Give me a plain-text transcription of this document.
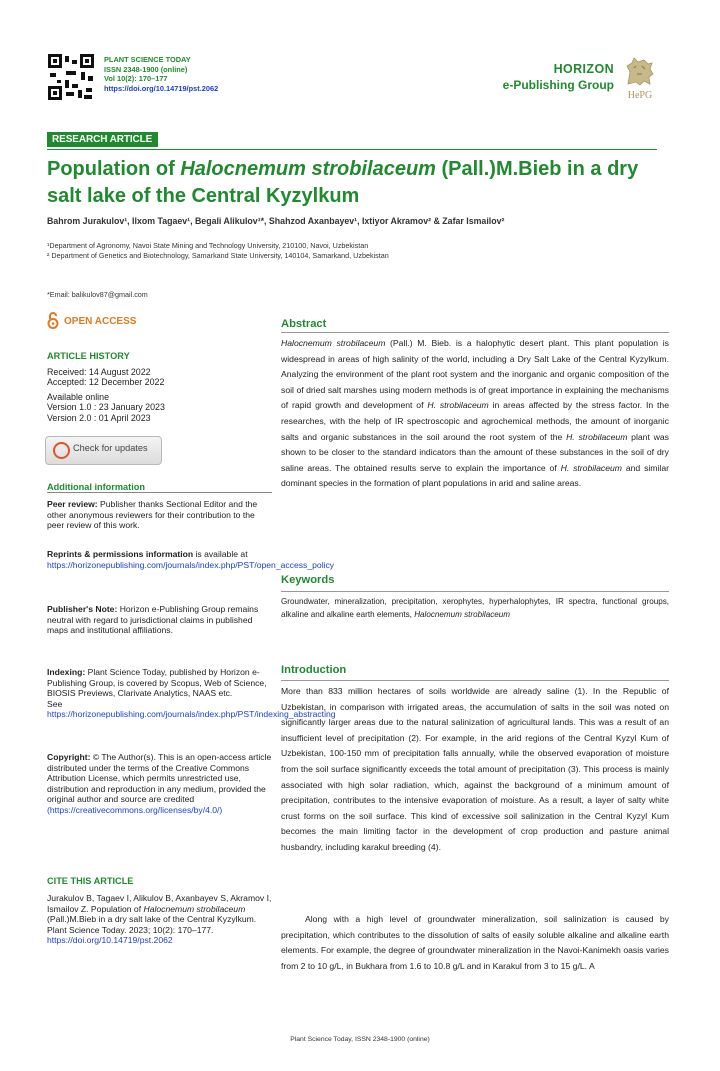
PLANT SCIENCE TODAY
ISSN 2348-1900 (online)
Vol 10(2): 170–177
https://doi.org/10.14719/pst.2062
HORIZON
e-Publishing Group
HePG
RESEARCH ARTICLE
Population of Halocnemum strobilaceum (Pall.)M.Bieb in a dry salt lake of the Central Kyzylkum
Bahrom Jurakulov¹, Ilxom Tagaev¹, Begali Alikulov¹*, Shahzod Axanbayev¹, Ixtiyor Akramov² & Zafar Ismailov²
¹Department of Agronomy, Navoi State Mining and Technology University, 210100, Navoi, Uzbekistan
² Department of Genetics and Biotechnology, Samarkand State University, 140104, Samarkand, Uzbekistan
*Email: balikulov87@gmail.com
OPEN ACCESS
ARTICLE HISTORY
Received: 14 August 2022
Accepted: 12 December 2022
Available online
Version 1.0 : 23 January 2023
Version 2.0 : 01 April 2023
Check for updates
Additional information
Peer review: Publisher thanks Sectional Editor and the other anonymous reviewers for their contribution to the peer review of this work.
Reprints & permissions information is available at https://horizonepublishing.com/journals/index.php/PST/open_access_policy
Publisher's Note: Horizon e-Publishing Group remains neutral with regard to jurisdictional claims in published maps and institutional affiliations.
Indexing: Plant Science Today, published by Horizon e-Publishing Group, is covered by Scopus, Web of Science, BIOSIS Previews, Clarivate Analytics, NAAS etc.
See https://horizonepublishing.com/journals/index.php/PST/indexing_abstracting
Copyright: © The Author(s). This is an open-access article distributed under the terms of the Creative Commons Attribution License, which permits unrestricted use, distribution and reproduction in any medium, provided the original author and source are credited (https://creativecommons.org/licenses/by/4.0/)
CITE THIS ARTICLE
Jurakulov B, Tagaev I, Alikulov B, Axanbayev S, Akramov I, Ismailov Z. Population of Halocnemum strobilaceum (Pall.)M.Bieb in a dry salt lake of the Central Kyzylkum. Plant Science Today. 2023; 10(2): 170–177. https://doi.org/10.14719/pst.2062
Abstract
Halocnemum strobilaceum (Pall.) M. Bieb. is a halophytic desert plant. This plant population is widespread in areas of high salinity of the world, including a Dry Salt Lake of the Central Kyzylkum. Analyzing the environment of the plant root system and the inorganic and organic composition of the soil of dried salt marshes using modern methods is of great importance in explaining the mechanisms of rapid growth and development of H. strobilaceum in areas affected by the stress factor. In the researches, with the help of IR spectroscopic and agrochemical methods, the amount of inorganic salts and organic substances in the soil around the root system of the H. strobilaceum plant was shown to be closer to the standard indicators than the amount of these substances in the soil of dry saline areas. The obtained results serve to explain the importance of H. strobilaceum and similar dominant species in the formation of plant populations in arid and saline areas.
Keywords
Groundwater, mineralization, precipitation, xerophytes, hyperhalophytes, IR spectra, functional groups, alkaline and alkaline earth elements, Halocnemum strobilaceum
Introduction
More than 833 million hectares of soils worldwide are already saline (1). In the Republic of Uzbekistan, in comparison with irrigated areas, the accumulation of salts in the soil was noted on significantly larger areas due to the natural salinization of agricultural lands. This was a result of an insufficient level of precipitation (2). For example, in the arid regions of the Central Kyzyl Kum of Uzbekistan, 100-150 mm of precipitation falls annually, while the observed evaporation of moisture from the soil surface significantly exceeds the total amount of precipitation (3). This process is mainly associated with high solar radiation, which, against the background of a minimum amount of precipitation, contributes to the intensive evaporation of moisture. As a result, a layer of salty white crust forms on the soil surface. This kind of excessive soil salinization in the Central Kyzyl Kum becomes the main limiting factor in the development of crop production and pasture animal husbandry, including karakul breeding (4).
Along with a high level of groundwater mineralization, soil salinization is caused by precipitation, which contributes to the dissolution of salts of easily soluble alkaline and alkaline earth elements. For example, the degree of groundwater mineralization in the Navoi-Kanimekh oasis varies from 2 to 10 g/L, in Bukhara from 1.6 to 10.8 g/L and in Karakul from 3 to 15 g/L. A
Plant Science Today, ISSN 2348-1900 (online)
